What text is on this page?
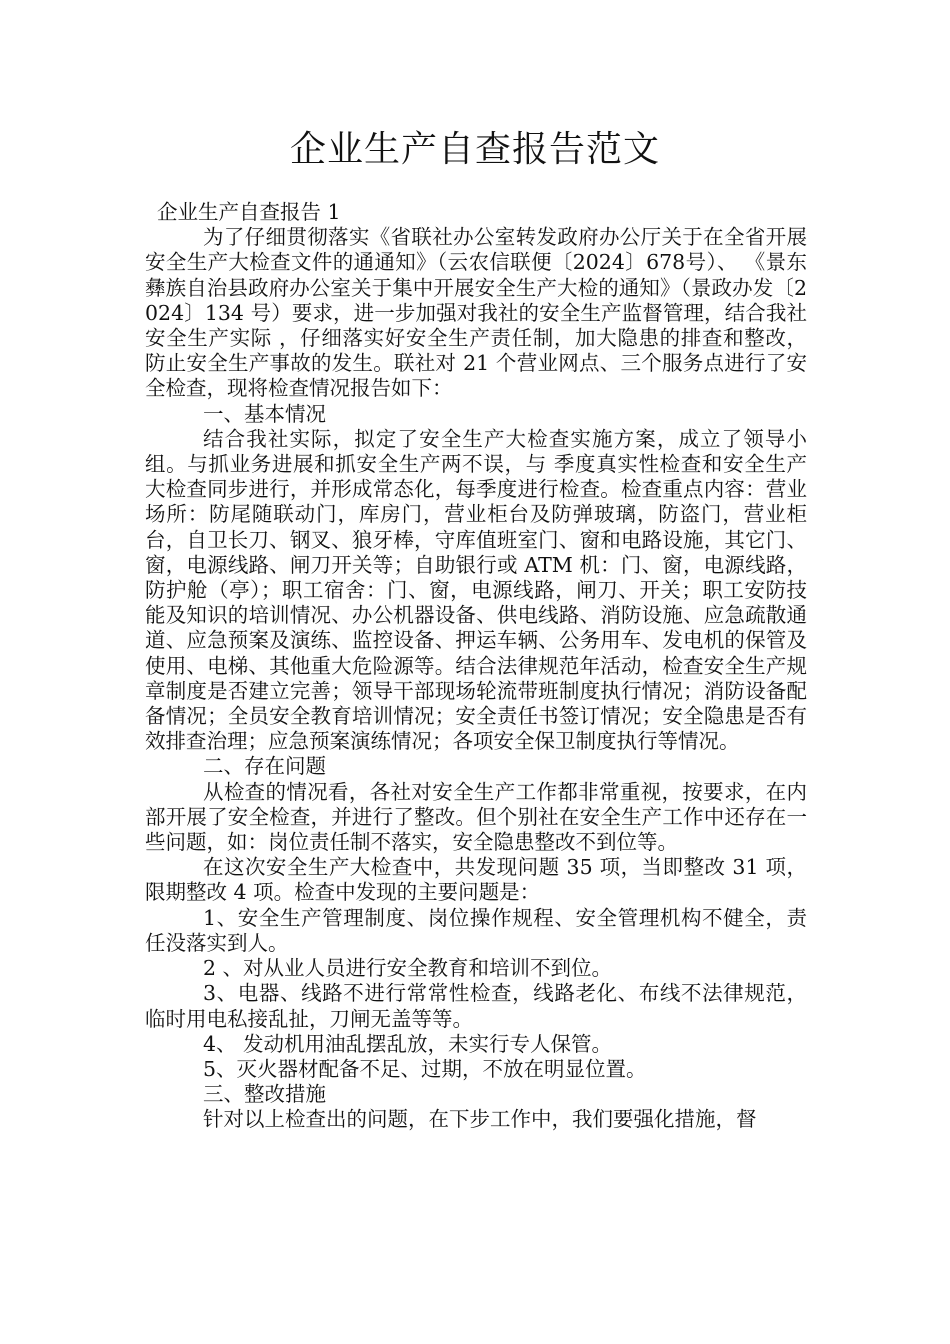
企业生产自查报告范文

企业生产自查报告 1

为了仔细贯彻落实《省联社办公室转发政府办公厅关于在全省开展安全生产大检查文件的通通知》（云农信联便〔2024〕678号）、 《景东彝族自治县政府办公室关于集中开展安全生产大检的通知》（景政办发〔2024〕134 号）要求，进一步加强对我社的安全生产监督管理，结合我社安全生产实际 ，仔细落实好安全生产责任制，加大隐患的排查和整改，防止安全生产事故的发生。联社对 21 个营业网点、三个服务点进行了安全检查，现将检查情况报告如下：

一、基本情况

结合我社实际，拟定了安全生产大检查实施方案，成立了领导小组。与抓业务进展和抓安全生产两不误，与 季度真实性检查和安全生产大检查同步进行，并形成常态化，每季度进行检查。检查重点内容：营业场所：防尾随联动门，库房门，营业柜台及防弹玻璃，防盗门，营业柜台，自卫长刀、钢叉、狼牙棒，守库值班室门、窗和电路设施，其它门、窗，电源线路、闸刀开关等；自助银行或 ATM 机：门、窗，电源线路，防护舱（亭）；职工宿舍：门、窗，电源线路，闸刀、开关；职工安防技能及知识的培训情况、办公机器设备、供电线路、消防设施、应急疏散通道、应急预案及演练、监控设备、押运车辆、公务用车、发电机的保管及使用、电梯、其他重大危险源等。结合法律规范年活动，检查安全生产规章制度是否建立完善；领导干部现场轮流带班制度执行情况；消防设备配备情况；全员安全教育培训情况；安全责任书签订情况；安全隐患是否有效排查治理；应急预案演练情况；各项安全保卫制度执行等情况。

二、存在问题

从检查的情况看，各社对安全生产工作都非常重视，按要求，在内部开展了安全检查，并进行了整改。但个别社在安全生产工作中还存在一些问题，如：岗位责任制不落实，安全隐患整改不到位等。

在这次安全生产大检查中，共发现问题 35 项，当即整改 31 项，限期整改 4 项。检查中发现的主要问题是：

1、安全生产管理制度、岗位操作规程、安全管理机构不健全，责任没落实到人。

2 、对从业人员进行安全教育和培训不到位。

3、电器、线路不进行常常性检查，线路老化、布线不法律规范，临时用电私接乱扯，刀闸无盖等等。

4、 发动机用油乱摆乱放，未实行专人保管。

5、灭火器材配备不足、过期，不放在明显位置。

三、整改措施

针对以上检查出的问题，在下步工作中，我们要强化措施，督
